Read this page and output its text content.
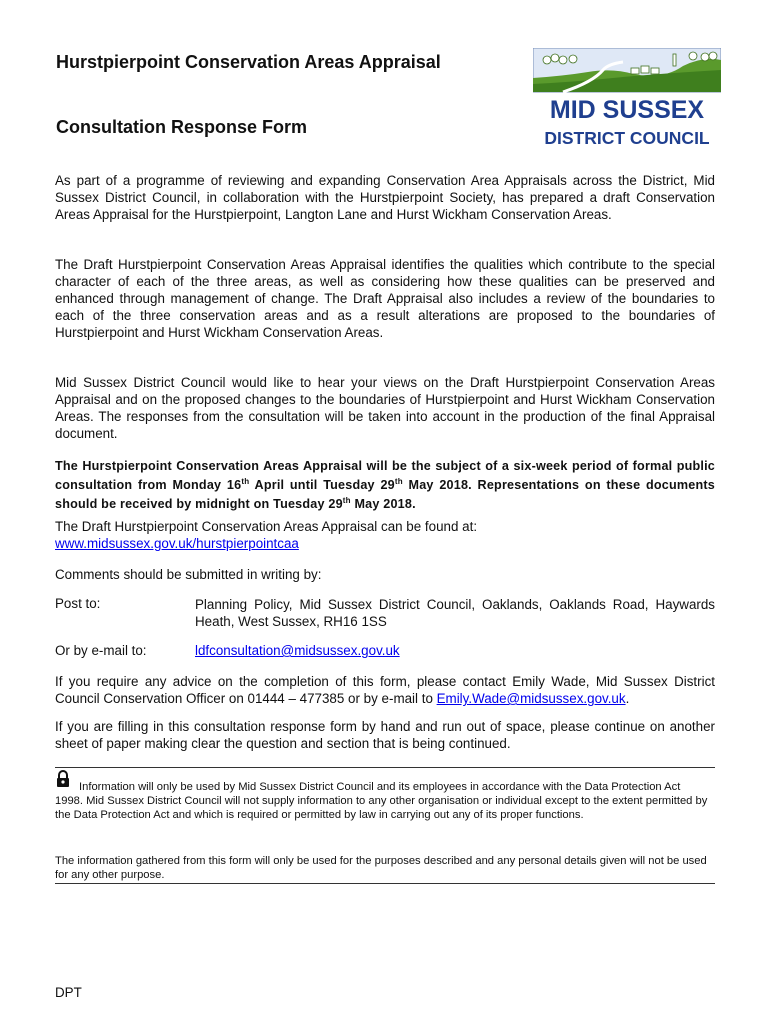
Hurstpierpoint Conservation Areas Appraisal
Consultation Response Form
MID SUSSEX
DISTRICT COUNCIL

As part of a programme of reviewing and expanding Conservation Area Appraisals across the District, Mid Sussex District Council, in collaboration with the Hurstpierpoint Society, has prepared a draft Conservation Areas Appraisal for the Hurstpierpoint, Langton Lane and Hurst Wickham Conservation Areas.

The Draft Hurstpierpoint Conservation Areas Appraisal identifies the qualities which contribute to the special character of each of the three areas, as well as considering how these qualities can be preserved and enhanced through management of change. The Draft Appraisal also includes a review of the boundaries to each of the three conservation areas and as a result alterations are proposed to the boundaries of Hurstpierpoint and Hurst Wickham Conservation Areas.

Mid Sussex District Council would like to hear your views on the Draft Hurstpierpoint Conservation Areas Appraisal and on the proposed changes to the boundaries of Hurstpierpoint and Hurst Wickham Conservation Areas. The responses from the consultation will be taken into account in the production of the final Appraisal document.

The Hurstpierpoint Conservation Areas Appraisal will be the subject of a six-week period of formal public consultation from Monday 16th April until Tuesday 29th May 2018. Representations on these documents should be received by midnight on Tuesday 29th May 2018.

The Draft Hurstpierpoint Conservation Areas Appraisal can be found at:
www.midsussex.gov.uk/hurstpierpointcaa
Comments should be submitted in writing by:
Post to:	Planning Policy, Mid Sussex District Council, Oaklands, Oaklands Road, Haywards Heath, West Sussex, RH16 1SS
Or by e-mail to:	ldfconsultation@midsussex.gov.uk

If you require any advice on the completion of this form, please contact Emily Wade, Mid Sussex District Council Conservation Officer on 01444 – 477385 or by e-mail to Emily.Wade@midsussex.gov.uk.

If you are filling in this consultation response form by hand and run out of space, please continue on another sheet of paper making clear the question and section that is being continued.

Information will only be used by Mid Sussex District Council and its employees in accordance with the Data Protection Act 1998. Mid Sussex District Council will not supply information to any other organisation or individual except to the extent permitted by the Data Protection Act and which is required or permitted by law in carrying out any of its proper functions.

The information gathered from this form will only be used for the purposes described and any personal details given will not be used for any other purpose.

DPT
